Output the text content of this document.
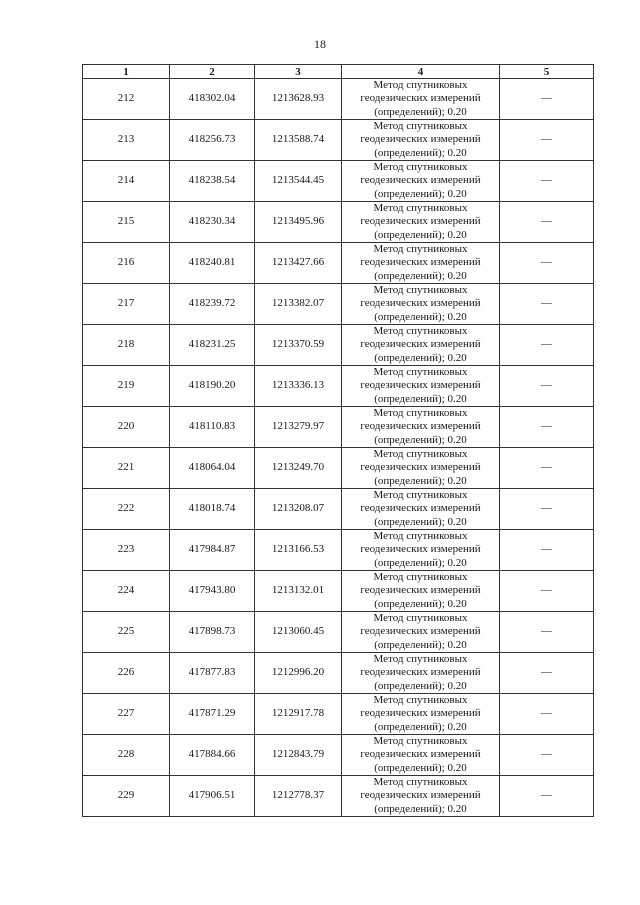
18
1	2	3	4	5
212	418302.04	1213628.93	Метод спутниковых
геодезических измерений
(определений); 0.20	—
213	418256.73	1213588.74	Метод спутниковых
геодезических измерений
(определений); 0.20	—
214	418238.54	1213544.45	Метод спутниковых
геодезических измерений
(определений); 0.20	—
215	418230.34	1213495.96	Метод спутниковых
геодезических измерений
(определений); 0.20	—
216	418240.81	1213427.66	Метод спутниковых
геодезических измерений
(определений); 0.20	—
217	418239.72	1213382.07	Метод спутниковых
геодезических измерений
(определений); 0.20	—
218	418231.25	1213370.59	Метод спутниковых
геодезических измерений
(определений); 0.20	—
219	418190.20	1213336.13	Метод спутниковых
геодезических измерений
(определений); 0.20	—
220	418110.83	1213279.97	Метод спутниковых
геодезических измерений
(определений); 0.20	—
221	418064.04	1213249.70	Метод спутниковых
геодезических измерений
(определений); 0.20	—
222	418018.74	1213208.07	Метод спутниковых
геодезических измерений
(определений); 0.20	—
223	417984.87	1213166.53	Метод спутниковых
геодезических измерений
(определений); 0.20	—
224	417943.80	1213132.01	Метод спутниковых
геодезических измерений
(определений); 0.20	—
225	417898.73	1213060.45	Метод спутниковых
геодезических измерений
(определений); 0.20	—
226	417877.83	1212996.20	Метод спутниковых
геодезических измерений
(определений); 0.20	—
227	417871.29	1212917.78	Метод спутниковых
геодезических измерений
(определений); 0.20	—
228	417884.66	1212843.79	Метод спутниковых
геодезических измерений
(определений); 0.20	—
229	417906.51	1212778.37	Метод спутниковых
геодезических измерений
(определений); 0.20	—
